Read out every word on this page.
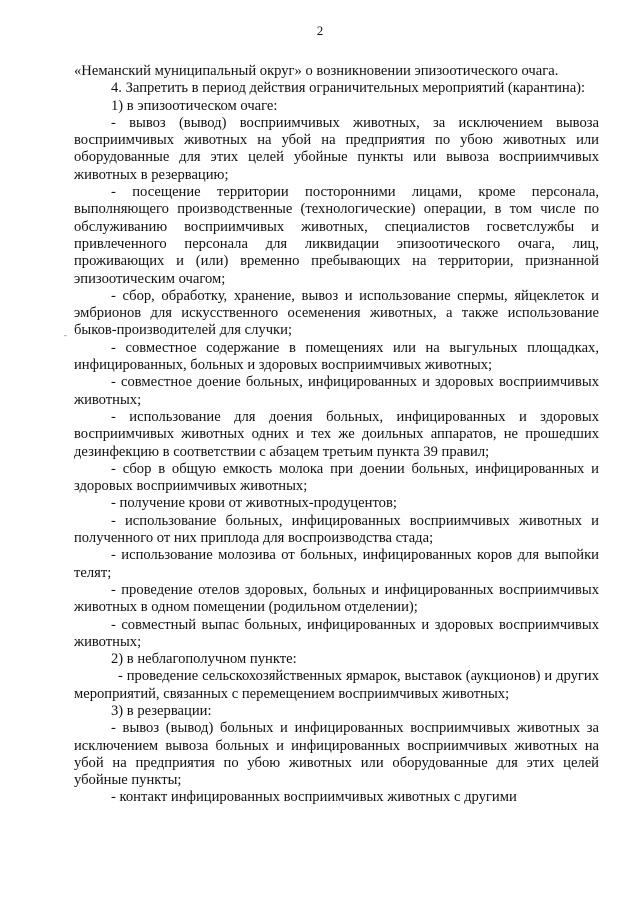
2
-

«Неманский муниципальный округ» о возникновении эпизоотического очага.

4. Запретить в период действия ограничительных мероприятий (карантина):

1) в эпизоотическом очаге:

- вывоз (вывод) восприимчивых животных, за исключением вывоза восприимчивых животных на убой на предприятия по убою животных или оборудованные для этих целей убойные пункты или вывоза восприимчивых животных в резервацию;

- посещение территории посторонними лицами, кроме персонала, выполняющего производственные (технологические) операции, в том числе по обслуживанию восприимчивых животных, специалистов госветслужбы и привлеченного персонала для ликвидации эпизоотического очага, лиц, проживающих и (или) временно пребывающих на территории, признанной эпизоотическим очагом;

- сбор, обработку, хранение, вывоз и использование спермы, яйцеклеток и эмбрионов для искусственного осеменения животных, а также использование быков-производителей для случки;

- совместное содержание в помещениях или на выгульных площадках, инфицированных, больных и здоровых восприимчивых животных;

- совместное доение больных, инфицированных и здоровых восприимчивых животных;

- использование для доения больных, инфицированных и здоровых восприимчивых животных одних и тех же доильных аппаратов, не прошедших дезинфекцию в соответствии с абзацем третьим пункта 39 правил;

- сбор в общую емкость молока при доении больных, инфицированных и здоровых восприимчивых животных;

- получение крови от животных-продуцентов;

- использование больных, инфицированных восприимчивых животных и полученного от них приплода для воспроизводства стада;

- использование молозива от больных, инфицированных коров для выпойки телят;

- проведение отелов здоровых, больных и инфицированных восприимчивых животных в одном помещении (родильном отделении);

- совместный выпас больных, инфицированных и здоровых восприимчивых животных;

2) в неблагополучном пункте:

- проведение сельскохозяйственных ярмарок, выставок (аукционов) и других мероприятий, связанных с перемещением восприимчивых животных;

3) в резервации:

- вывоз (вывод) больных и инфицированных восприимчивых животных за исключением вывоза больных и инфицированных восприимчивых животных на убой на предприятия по убою животных или оборудованные для этих целей убойные пункты;

- контакт инфицированных восприимчивых животных с другими
